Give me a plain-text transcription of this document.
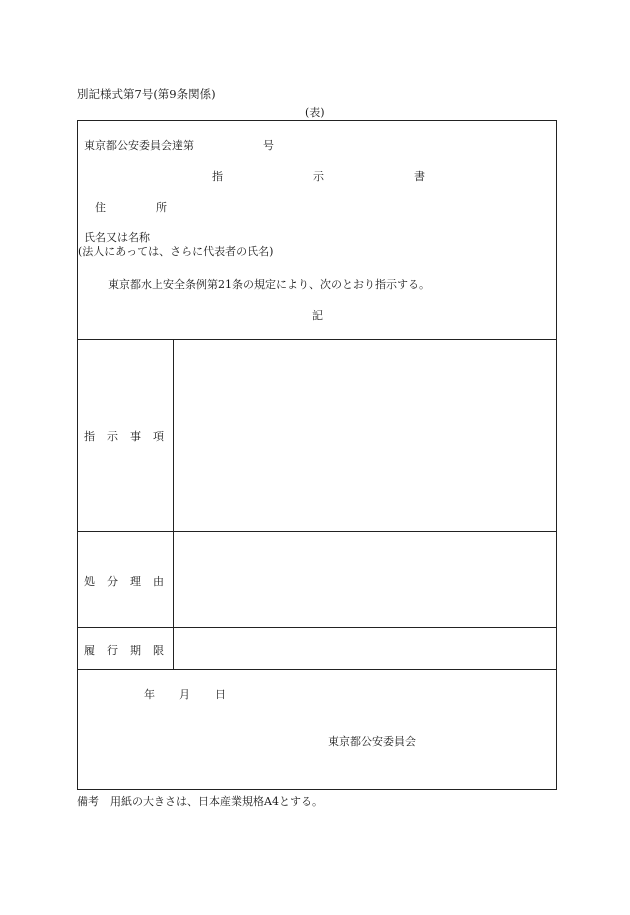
別記様式第7号(第9条関係)
(表)
東京都公安委員会達第	号
指	示	書
住	所
氏名又は名称
(法人にあっては、さらに代表者の氏名)
東京都水上安全条例第21条の規定により、次のとおり指示する。
記
指示事項
処分理由
履行期限
年 月 日
東京都公安委員会
備考　用紙の大きさは、日本産業規格A4とする。
